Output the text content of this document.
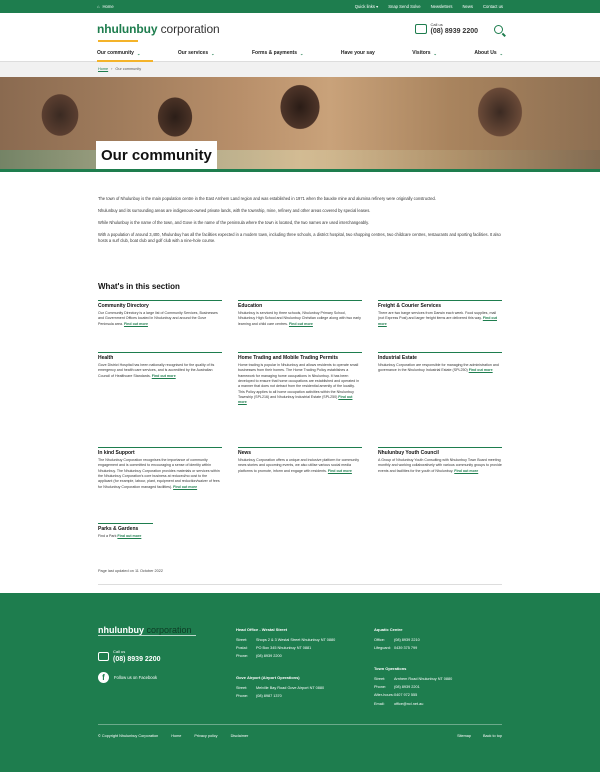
⌂ Home	Quick links ▾ Snap Send Solve Newsletters News Contact us
nhulunbuy corporation	Call us
(08) 8939 2200
Our community ⌄	Our services ⌄	Forms & payments ⌄	Have your say	Visitors ⌄	About Us ⌄
Home › Our community
Our community

The town of Nhulunbuy is the main population centre in the East Arnhem Land region and was established in 1971 when the bauxite mine and alumina refinery were originally constructed.

Nhulunbuy and its surrounding areas are indigenous-owned private lands, with the township, mine, refinery and other areas covered by special leases.

While Nhulunbuy is the name of the town, and Gove is the name of the peninsula where the town is located, the two names are used interchangeably.

With a population of around 3,400, Nhulunbuy has all the facilities expected in a modern town, including three schools, a district hospital, two shopping centres, two childcare centres, restaurants and sporting facilities. It also hosts a surf club, boat club and golf club with a nine-hole course.

What's in this section
Community Directory

Our Community Directory is a large list of Community Services, Businesses and Government Offices located in Nhulunbuy and around the Gove Peninsula area. Find out more

Education

Nhulunbuy is serviced by three schools, Nhulunbuy Primary School, Nhulunbuy High School and Nhulunbuy Christian college along with two early learning and child care centres. Find out more

Freight & Courier Services

There are two barge services from Darwin each week. Food supplies, mail (not Express Post) and larger freight items are delivered this way. Find out more

Health

Gove District Hospital has been nationally recognised for the quality of its emergency and health care services, and is accredited by the Australian Council of Healthcare Standards. Find out more

Home Trading and Mobile Trading Permits

Home trading is popular in Nhulunbuy and allows residents to operate small businesses from their homes. The Home Trading Policy establishes a framework for managing home occupations in Nhulunbuy. It has been developed to ensure that home occupations are established and operated in a manner that does not detract from the residential amenity of the locality. This Policy applies to all home occupation activities within the Nhulunbuy Township (SPL216) and Nhulunbuy Industrial Estate (SPL250) Find out more

Industrial Estate

Nhulunbuy Corporation are responsible for managing the administration and governance in the Nhulunbuy Industrial Estate (SPL250) Find out more

In kind Support

The Nhulunbuy Corporation recognises the importance of community engagement and is committed to encouraging a sense of identity within Nhulunbuy. The Nhulunbuy Corporation provides materials or services within the Nhulunbuy Corporation's core business at reduced/no cost to the applicant (for example, labour, plant, equipment and reduction/waiver of fees for Nhulunbuy Corporation managed facilities). Find out more

News

Nhulunbuy Corporation offers a unique and inclusive platform for community news stories and upcoming events, we also utilise various social media platforms to promote, inform and engage with residents. Find out more

Nhulunbuy Youth Council

A Group of Nhulunbuy Youth Consulting with Nhulunbuy Town Board meeting monthly and working collaboratively with various community groups to provide events and facilities for the youth of Nhulunbuy. Find out more

Parks & Gardens

Find a Park Find out more

Page last updated on 11 October 2022
nhulunbuy corporation
Call us
(08) 8939 2200
f	Follow us on Facebook
Head Office - Westal Street
Street:	Shops 2 & 3 Westal Street Nhulunbuy NT 0880
Postal:	PO Box 345 Nhulunbuy NT 0881
Phone:	(08) 8939 2200
Gove Airport (Airport Operations)
Street:	Melville Bay Road Gove Airport NT 0880
Phone:	(08) 8987 1370
Aquatic Centre
Office:	(08) 8939 2210
Lifeguard: 0439 375 799
Town Operations
Street:	Arnhem Road Nhulunbuy NT 0880
Phone:	(08) 8939 2201
After-hours: 0407 972 555
Email:	office@ncl.net.au
© Copyright Nhulunbuy Corporation	Home	Privacy policy	Disclaimer	Sitemap	Back to top
